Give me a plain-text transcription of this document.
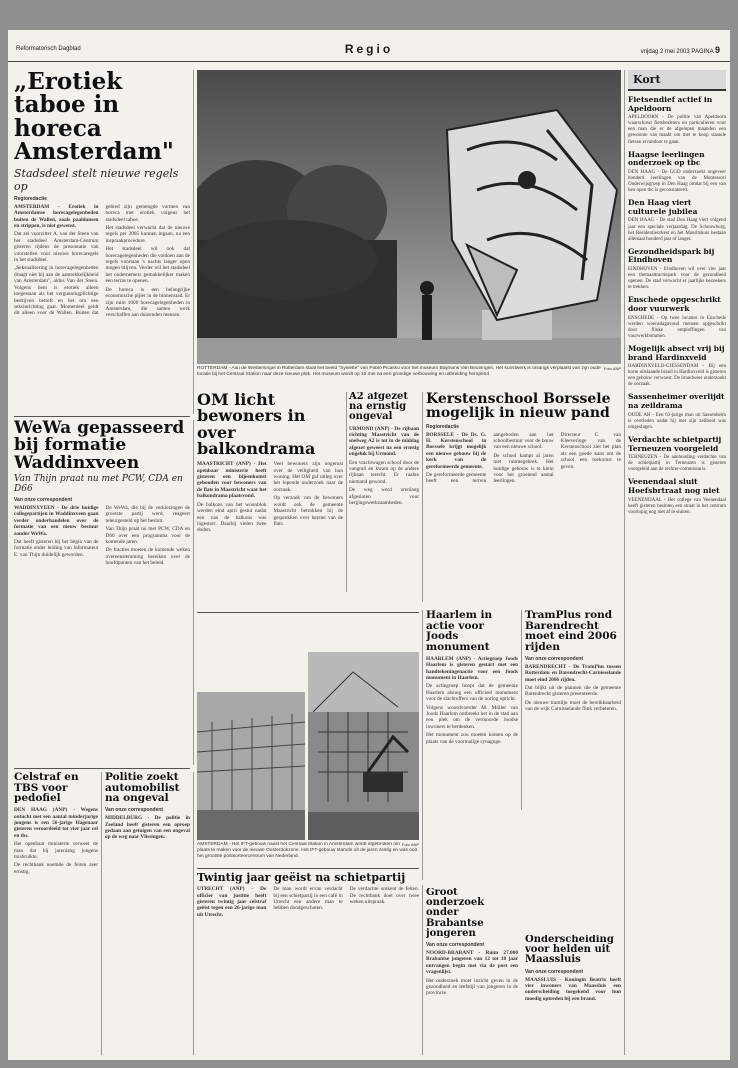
Reformatorisch Dagblad	Regio	vrijdag 2 mei 2003 PAGINA 9
„Erotiek taboe in horeca Amsterdam"
Stadsdeel stelt nieuwe regels op
Regioredactie

AMSTERDAM - Erotiek in Amsterdamse horecagelegenheden buiten de Wallen, zoals paaldansen en strippen, is niet gewenst.

Dat zei voorzitter A. van der Steen van het stadsdeel Amsterdam-Centrum gisteren tijdens de presentatie van voorstellen voor nieuwe horecaregels in het stadsdeel.

„Seksualisering in horecagelegenheden draagt niet bij aan de aantrekkelijkheid van Amsterdam", aldus Van der Steen. Volgens hem is erotiek alleen toegestaan als het vergunningplichtige bedrijven betreft en het om een seksinrichting gaat. Momenteel geldt dit alleen voor de Wallen. Buiten dat gebied zijn gemengde vormen van horeca met erotiek volgens het stadsdeel taboe.

Het stadsdeel verwacht dat de nieuwe regels per 2005 kunnen ingaan, na een inspraakprocedure.

Het stadsdeel wil ook dat horecagelegenheden die voldoen aan de regels voortaan 's nachts langer open mogen blijven. Verder wil het stadsdeel het ondernemers gemakkelijker maken een terras te openen.

De horeca is een belangrijke economische pijler in de binnenstad. Er zijn ruim 1000 horecagelegenheden in Amsterdam, die samen werk verschaffen aan duizenden mensen.

Foto ANP
ROTTERDAM - Aan de Westersingel in Rotterdam staat het beeld "Sylvette" van Pablo Picasso voor het museum Boijmans Van Beuningen. Het kunstwerk is onlangs verplaatst van zijn oude locatie bij het Centraal Station naar deze nieuwe plek. Het museum wordt op 10 mei na een grondige verbouwing en uitbreiding heropend.
Kort
Fietsendief actief in Apeldoorn
APELDOORN - De politie van Apeldoorn waarschuwt fietsbezitters en particulieren voor een man die er de afgelopen maanden een gewoonte van maakt om met te koop staande fietsen ervandoor te gaan.
Haagse leerlingen onderzoek op tbc
DEN HAAG - De GGD onderzoekt ongeveer honderd leerlingen van de Montessori Onderwijsgroep in Den Haag omdat bij een van hen open tbc is geconstateerd.
Den Haag viert culturele jubilea
DEN HAAG - De stad Den Haag viert volgend jaar een speciale verjaardag. De Schouwburg, het Residentieorkest en het Mauritshuis bestaan allemaal honderd jaar of langer.
Gezondheidspark bij Eindhoven
EINDHOVEN - Eindhoven wil over vier jaar een themaattractiepark voor de gezondheid openen. De stad verwacht er jaarlijks bezoekers te trekken.
Enschede opgeschrikt door vuurwerk
ENSCHEDE - Op twee locaties in Enschede werden woensdagavond mensen opgeschrikt door flinke ontploffingen van vuurwerkbommen.
Mogelijk absect vrij bij brand Hardinxveld
HARDINXVELD-GIESSENDAM - Bij een korte uitslaande brand in Hardinxveld is gisteren een gebouw verwoest. De brandweer onderzoekt de oorzaak.
Sassenheimer overlijdt na zeildrama
OUDE AH - Een 63-jarige man uit Sassenheim is overleden nadat hij met zijn zeilboot was omgeslagen.
Verdachte schietpartij Terneuzen voorgeleid
TERNEUZEN - De aanhouding verdachte van de schietpartij in Terneuzen is gisteren voorgeleid aan de rechter-commissaris.
Veenendaal sluit Hoefsbrtraat nog niet
VEENENDAAL - Het college van Veenendaal heeft gisteren besloten een straat in het centrum voorlopig nog niet af te sluiten.
OM licht bewoners in over balkondrama

MAASTRICHT (ANP) - Het openbaar ministerie heeft gisteren een bijeenkomst gehouden voor bewoners van de flats in Maastricht waar het balkondrama plaatsvond.

De balkons van het woonblok werden eind april gestut nadat een van de balkons was ingestort. Daarbij vielen twee doden.

Veel bewoners zijn ongerust over de veiligheid van hun woning. Het OM gaf uitleg over het lopende onderzoek naar de oorzaak.

Op verzoek van de bewoners wordt ook de gemeente Maastricht betrokken bij de gesprekken over herstel van de flats.

A2 afgezet na ernstig ongeval

URMOND (ANP) - De rijbaan richting Maastricht van de snelweg A2 is tot in de middag afgezet geweest na een ernstig ongeluk bij Urmond.

Een vrachtwagen schoof door de vangrail en kwam op de andere rijbaan terecht. Er raakte niemand gewond.

De weg werd urenlang afgesloten voor bergingswerkzaamheden.

Kerstenschool Borssele mogelijk in nieuw pand
Regioredactie

BORSSELE - De Ds. G. H. Kerstenschool in Borssele krijgt mogelijk een nieuwe gebouw bij de kerk van de gereformeerde gemeente.

De gereformeerde gemeente heeft een terrein aangeboden aan het schoolbestuur voor de bouw van een nieuwe school.

De school kampt al jaren met ruimtegebrek. Het huidige gebouw is te klein voor het groeiend aantal leerlingen.

Directeur C. van Kleeveringe van de Kerstenschool ziet het plan als een goede kans om de school een toekomst te geven.

WeWa gepasseerd bij formatie Waddinxveen
Van Thijn praat nu met PCW, CDA en D66
Van onze correspondent

WADDINXVEEN - De drie huidige collegepartijen in Waddinxveen gaan verder onderhandelen over de formatie van een nieuw bestuur zonder WeWa.

Dat heeft gisteren bij het begin van de formatie onder leiding van informateur E. van Thijn duidelijk geworden.

De WeWa, die bij de verkiezingen de grootste partij werd, reageert teleurgesteld op het besluit.

Van Thijn praat nu met PCW, CDA en D66 over een programma voor de komende jaren.

De fracties moeten de komende weken overeenstemming bereiken over de hoofdpunten van het beleid.

Foto ANP
AMSTERDAM - Het IFT-gebouw naast het Centraal Station in Amsterdam wordt afgebroken om plaats te maken voor de nieuwe Oosterdokzone. Het IFT-gebouw stamde uit de jaren zestig en was ooit het grootste postsorteercentrum van Nederland.
Haarlem in actie voor Joods monument

HAARLEM (ANP) - Actiegroep Joods Haarlem is gisteren gestart met een handtekeningenactie voor een Joods monument in Haarlem.

De actiegroep hoopt dat de gemeente Haarlem alsnog een officieel monument voor de slachtoffers van de oorlog opricht.

Volgens woordvoerder M. Müller van Joods Haarlem ontbreekt het in de stad aan een plek om de vermoorde Joodse inwoners te herdenken.

Het monument zou moeten komen op de plaats van de voormalige synagoge.

TramPlus rond Barendrecht moet eind 2006 rijden
Van onze correspondent

BARENDRECHT - De TramPlus tussen Rotterdam en Barendrecht-Carnisselande moet eind 2006 rijden.

Dat blijkt uit de plannen die de gemeente Barendrecht gisteren presenteerde.

De nieuwe tramlijn moet de bereikbaarheid van de wijk Carnisselande flink verbeteren.

Onderscheiding voor helden uit Maassluis
Van onze correspondent

MAASSLUIS - Koningin Beatrix heeft vier inwoners van Maassluis een onderscheiding toegekend voor hun moedig optreden bij een brand.

Celstraf en TBS voor pedofiel

DEN HAAG (ANP) - Wegens ontucht met een aantal minderjarige jongens is een 56-jarige Hagenaar gisteren veroordeeld tot vier jaar cel en tbs.

Het openbaar ministerie verweet de man dat hij jarenlang jongens misbruikte.

De rechtbank noemde de feiten zeer ernstig.

Politie zoekt automobilist na ongeval
Van onze correspondent

MIDDELBURG - De politie in Zeeland heeft gisteren een oproep gedaan aan getuigen van een ongeval op de weg naar Vlissingen.

Twintig jaar geëist na schietpartij

UTRECHT (ANP) - De officier van justitie heeft gisteren twintig jaar celstraf geëist tegen een 26-jarige man uit Utrecht.

De man wordt ervan verdacht bij een schietpartij in een café in Utrecht een andere man te hebben doodgeschoten.

De verdachte ontkent de feiten. De rechtbank doet over twee weken uitspraak.

Groot onderzoek onder Brabantse jongeren
Van onze correspondent

NOORD-BRABANT - Ruim 27.000 Brabantse jongeren van 12 tot 18 jaar ontvangen begin mei via de post een vragenlijst.

Het onderzoek moet inzicht geven in de gezondheid en leefstijl van jongeren in de provincie.
